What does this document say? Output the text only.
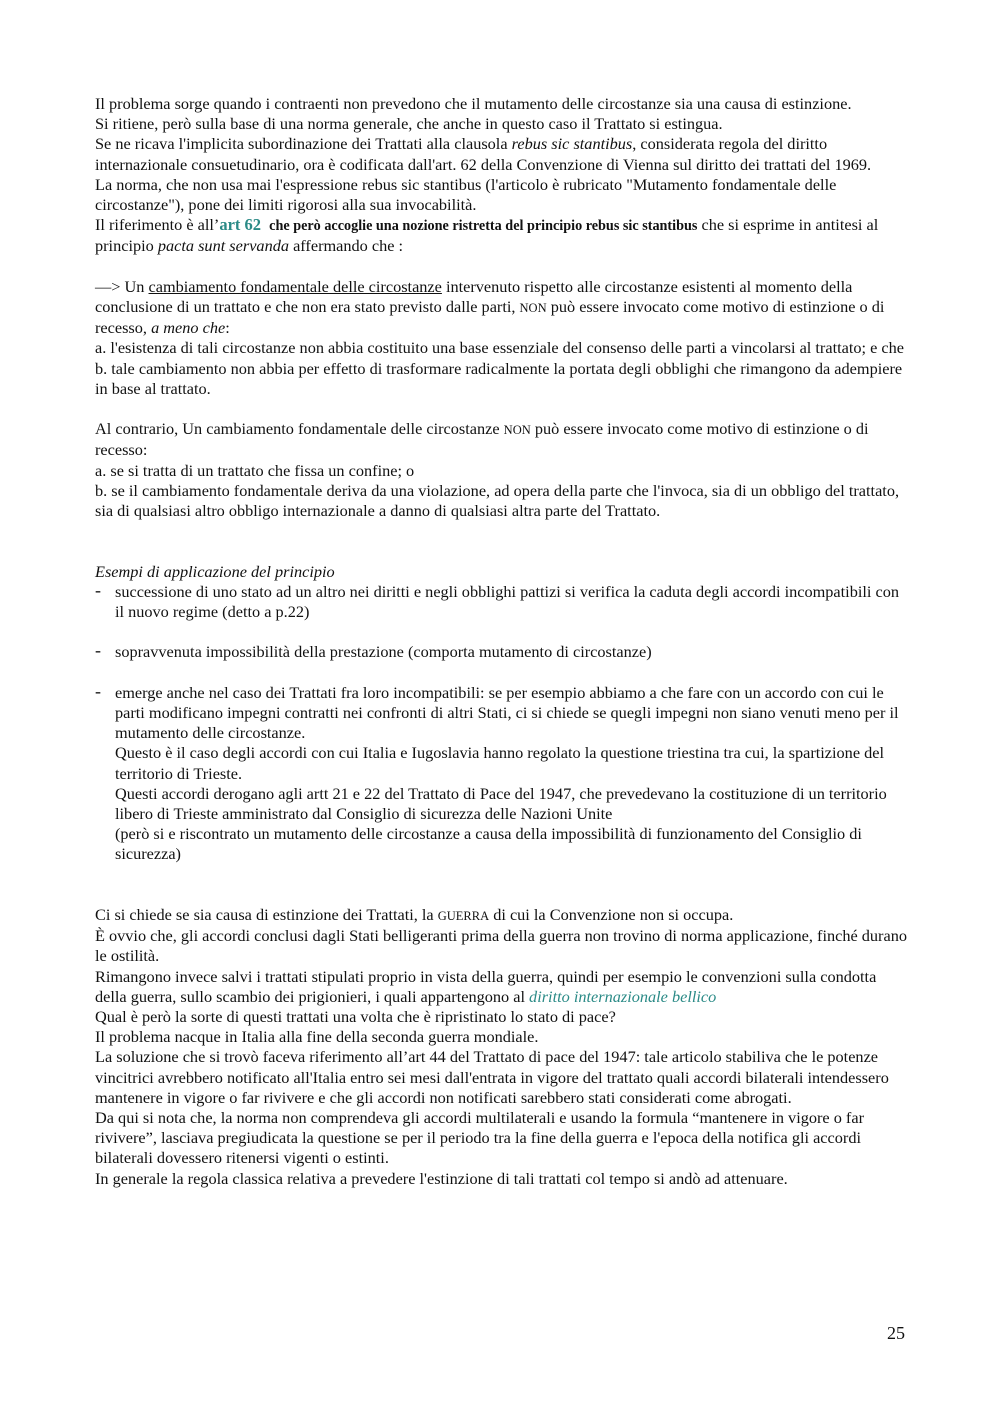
Il problema sorge quando i contraenti non prevedono che il mutamento delle circostanze sia una causa di estinzione.

Si ritiene, però sulla base di una norma generale, che anche in questo caso il Trattato si estingua.

Se ne ricava l'implicita subordinazione dei Trattati alla clausola rebus sic stantibus, considerata regola del diritto internazionale consuetudinario, ora è codificata dall'art. 62 della Convenzione di Vienna sul diritto dei trattati del 1969.

La norma, che non usa mai l'espressione rebus sic stantibus (l'articolo è rubricato "Mutamento fondamentale delle circostanze"), pone dei limiti rigorosi alla sua invocabilità.

Il riferimento è all’art 62 che però accoglie una nozione ristretta del principio rebus sic stantibus che si esprime in antitesi al principio pacta sunt servanda affermando che :

—> Un cambiamento fondamentale delle circostanze intervenuto rispetto alle circostanze esistenti al momento della conclusione di un trattato e che non era stato previsto dalle parti, NON può essere invocato come motivo di estinzione o di recesso, a meno che:

a. l'esistenza di tali circostanze non abbia costituito una base essenziale del consenso delle parti a vincolarsi al trattato; e che

b. tale cambiamento non abbia per effetto di trasformare radicalmente la portata degli obblighi che rimangono da adempiere in base al trattato.

Al contrario, Un cambiamento fondamentale delle circostanze NON può essere invocato come motivo di estinzione o di recesso:

a. se si tratta di un trattato che fissa un confine; o

b. se il cambiamento fondamentale deriva da una violazione, ad opera della parte che l'invoca, sia di un obbligo del trattato, sia di qualsiasi altro obbligo internazionale a danno di qualsiasi altra parte del Trattato.

Esempi di applicazione del principio

- successione di uno stato ad un altro nei diritti e negli obblighi pattizi si verifica la caduta degli accordi incompatibili con il nuovo regime (detto a p.22)

- sopravvenuta impossibilità della prestazione (comporta mutamento di circostanze)

- emerge anche nel caso dei Trattati fra loro incompatibili: se per esempio abbiamo a che fare con un accordo con cui le parti modificano impegni contratti nei confronti di altri Stati, ci si chiede se quegli impegni non siano venuti meno per il mutamento delle circostanze.

Questo è il caso degli accordi con cui Italia e Iugoslavia hanno regolato la questione triestina tra cui, la spartizione del territorio di Trieste.

Questi accordi derogano agli artt 21 e 22 del Trattato di Pace del 1947, che prevedevano la costituzione di un territorio libero di Trieste amministrato dal Consiglio di sicurezza delle Nazioni Unite

(però si e riscontrato un mutamento delle circostanze a causa della impossibilità di funzionamento del Consiglio di sicurezza)

Ci si chiede se sia causa di estinzione dei Trattati, la GUERRA di cui la Convenzione non si occupa.

È ovvio che, gli accordi conclusi dagli Stati belligeranti prima della guerra non trovino di norma applicazione, finché durano le ostilità.

Rimangono invece salvi i trattati stipulati proprio in vista della guerra, quindi per esempio le convenzioni sulla condotta della guerra, sullo scambio dei prigionieri, i quali appartengono al diritto internazionale bellico

Qual è però la sorte di questi trattati una volta che è ripristinato lo stato di pace?

Il problema nacque in Italia alla fine della seconda guerra mondiale.

La soluzione che si trovò faceva riferimento all’art 44 del Trattato di pace del 1947: tale articolo stabiliva che le potenze vincitrici avrebbero notificato all'Italia entro sei mesi dall'entrata in vigore del trattato quali accordi bilaterali intendessero mantenere in vigore o far rivivere e che gli accordi non notificati sarebbero stati considerati come abrogati.

Da qui si nota che, la norma non comprendeva gli accordi multilaterali e usando la formula “mantenere in vigore o far rivivere”, lasciava pregiudicata la questione se per il periodo tra la fine della guerra e l'epoca della notifica gli accordi bilaterali dovessero ritenersi vigenti o estinti.

In generale la regola classica relativa a prevedere l'estinzione di tali trattati col tempo si andò ad attenuare.

25
